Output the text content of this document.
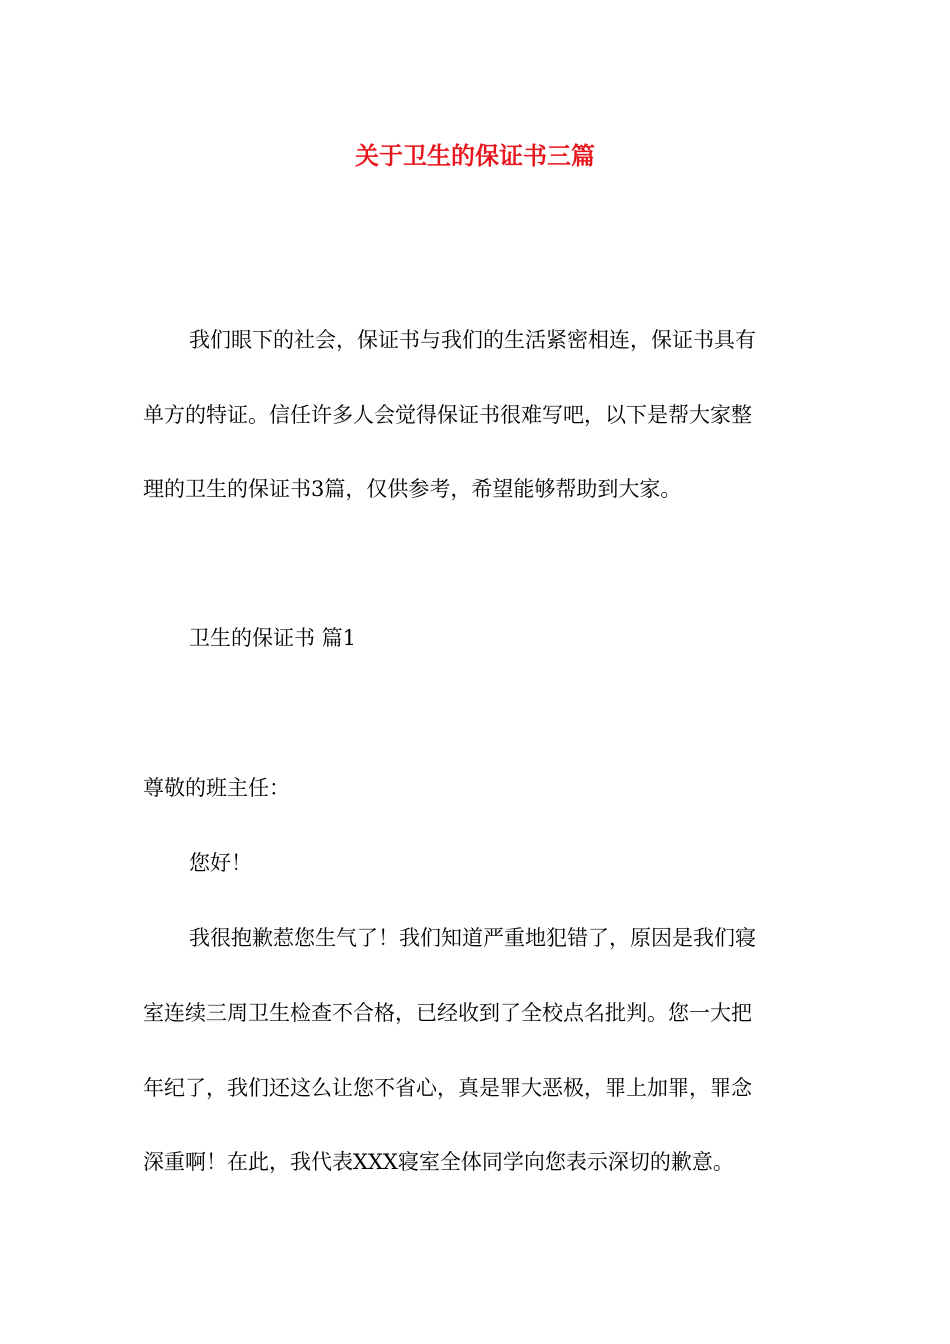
关于卫生的保证书三篇
我们眼下的社会，保证书与我们的生活紧密相连，保证书具有
单方的特证。信任许多人会觉得保证书很难写吧，以下是帮大家整
理的卫生的保证书3篇，仅供参考，希望能够帮助到大家。
卫生的保证书 篇1
尊敬的班主任：
您好！
我很抱歉惹您生气了！我们知道严重地犯错了，原因是我们寝
室连续三周卫生检查不合格，已经收到了全校点名批判。您一大把
年纪了，我们还这么让您不省心，真是罪大恶极，罪上加罪，罪念
深重啊！在此，我代表XXX寝室全体同学向您表示深切的歉意。
